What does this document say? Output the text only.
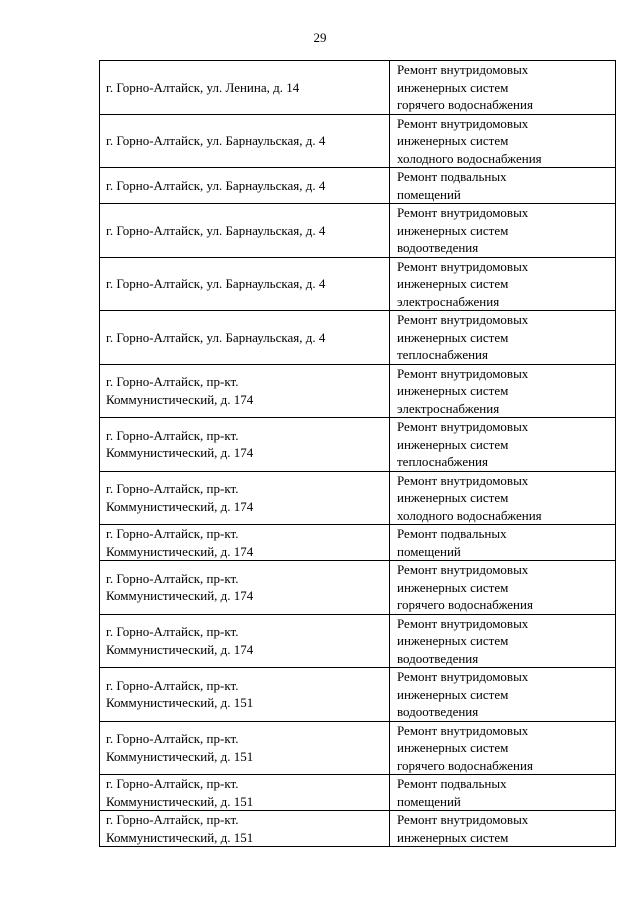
29
г. Горно-Алтайск, ул. Ленина, д. 14	Ремонт внутридомовых
инженерных систем
горячего водоснабжения

г. Горно-Алтайск, ул. Барнаульская, д. 4	Ремонт внутридомовых
инженерных систем
холодного водоснабжения

г. Горно-Алтайск, ул. Барнаульская, д. 4	Ремонт подвальных
помещений

г. Горно-Алтайск, ул. Барнаульская, д. 4	Ремонт внутридомовых
инженерных систем
водоотведения

г. Горно-Алтайск, ул. Барнаульская, д. 4	Ремонт внутридомовых
инженерных систем
электроснабжения

г. Горно-Алтайск, ул. Барнаульская, д. 4	Ремонт внутридомовых
инженерных систем
теплоснабжения

г. Горно-Алтайск, пр-кт.
Коммунистический, д. 174	Ремонт внутридомовых
инженерных систем
электроснабжения

г. Горно-Алтайск, пр-кт.
Коммунистический, д. 174	Ремонт внутридомовых
инженерных систем
теплоснабжения

г. Горно-Алтайск, пр-кт.
Коммунистический, д. 174	Ремонт внутридомовых
инженерных систем
холодного водоснабжения

г. Горно-Алтайск, пр-кт.
Коммунистический, д. 174	Ремонт подвальных
помещений

г. Горно-Алтайск, пр-кт.
Коммунистический, д. 174	Ремонт внутридомовых
инженерных систем
горячего водоснабжения

г. Горно-Алтайск, пр-кт.
Коммунистический, д. 174	Ремонт внутридомовых
инженерных систем
водоотведения

г. Горно-Алтайск, пр-кт.
Коммунистический, д. 151	Ремонт внутридомовых
инженерных систем
водоотведения

г. Горно-Алтайск, пр-кт.
Коммунистический, д. 151	Ремонт внутридомовых
инженерных систем
горячего водоснабжения

г. Горно-Алтайск, пр-кт.
Коммунистический, д. 151	Ремонт подвальных
помещений

г. Горно-Алтайск, пр-кт.
Коммунистический, д. 151	Ремонт внутридомовых
инженерных систем
